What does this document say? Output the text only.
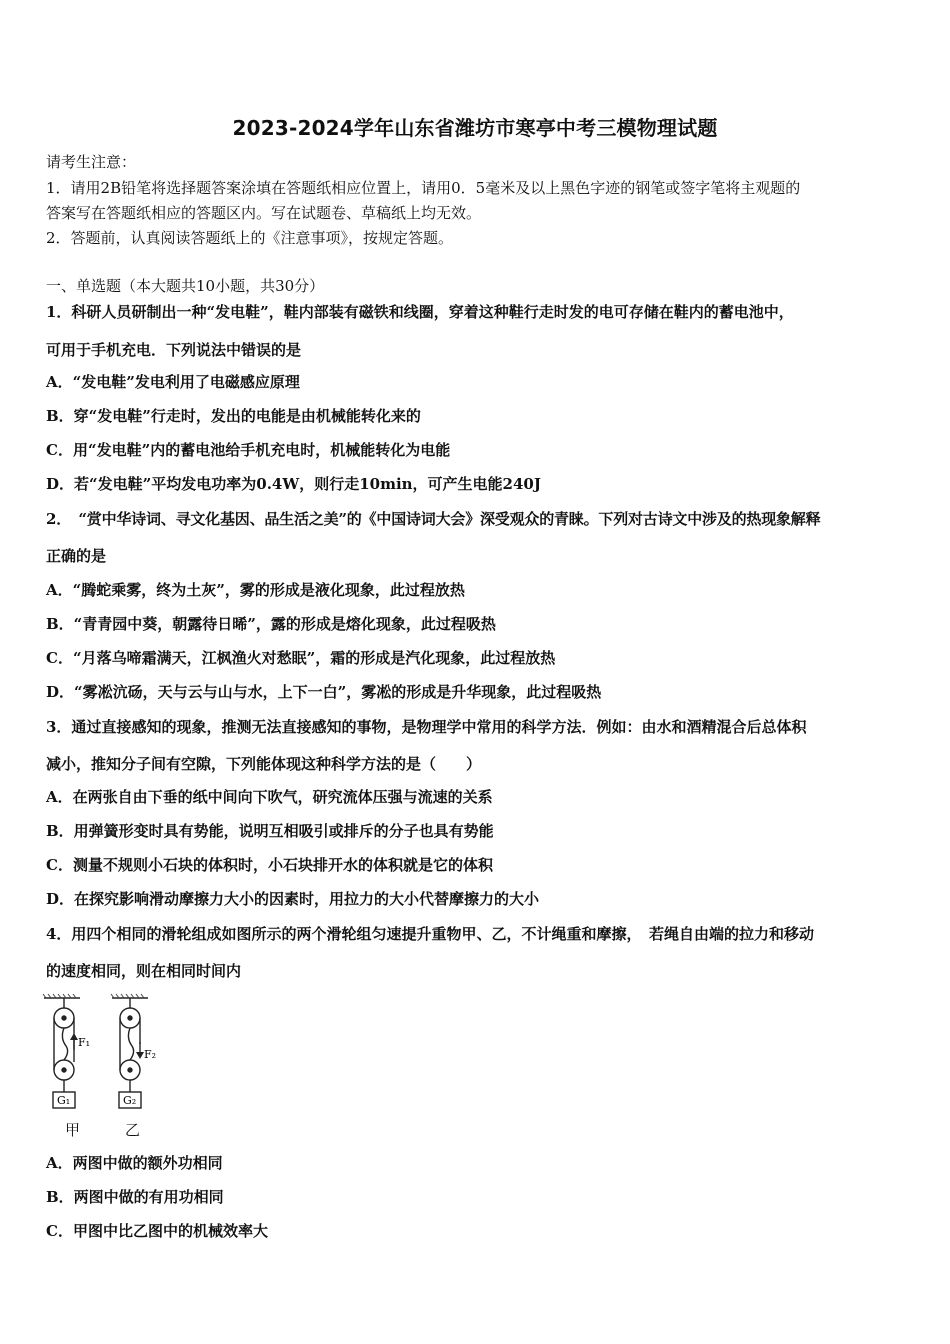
2023-2024学年山东省潍坊市寒亭中考三模物理试题
请考生注意：
1．请用2B铅笔将选择题答案涂填在答题纸相应位置上，请用0．5毫米及以上黑色字迹的钢笔或签字笔将主观题的
答案写在答题纸相应的答题区内。写在试题卷、草稿纸上均无效。
2．答题前，认真阅读答题纸上的《注意事项》，按规定答题。
一、单选题（本大题共10小题，共30分）
1．科研人员研制出一种“发电鞋”，鞋内部装有磁铁和线圈，穿着这种鞋行走时发的电可存储在鞋内的蓄电池中，
可用于手机充电．下列说法中错误的是
A．“发电鞋”发电利用了电磁感应原理
B．穿“发电鞋”行走时，发出的电能是由机械能转化来的
C．用“发电鞋”内的蓄电池给手机充电时，机械能转化为电能
D．若“发电鞋”平均发电功率为0.4W，则行走10min，可产生电能240J
2．　“赏中华诗词、寻文化基因、品生活之美”的《中国诗词大会》深受观众的青睐。下列对古诗文中涉及的热现象解释
正确的是
A．“腾蛇乘雾，终为土灰”，雾的形成是液化现象，此过程放热
B．“青青园中葵，朝露待日晞”，露的形成是熔化现象，此过程吸热
C．“月落乌啼霜满天，江枫渔火对愁眠”，霜的形成是汽化现象，此过程放热
D．“雾凇沆砀，天与云与山与水，上下一白”，雾凇的形成是升华现象，此过程吸热
3．通过直接感知的现象，推测无法直接感知的事物，是物理学中常用的科学方法．例如：由水和酒精混合后总体积
减小，推知分子间有空隙，下列能体现这种科学方法的是（　　）
A．在两张自由下垂的纸中间向下吹气，研究流体压强与流速的关系
B．用弹簧形变时具有势能，说明互相吸引或排斥的分子也具有势能
C．测量不规则小石块的体积时，小石块排开水的体积就是它的体积
D．在探究影响滑动摩擦力大小的因素时，用拉力的大小代替摩擦力的大小
4．用四个相同的滑轮组成如图所示的两个滑轮组匀速提升重物甲、乙，不计绳重和摩擦，　若绳自由端的拉力和移动
的速度相同，则在相同时间内
F₁
F₂
G₁	G₂
甲	乙
A．两图中做的额外功相同
B．两图中做的有用功相同
C．甲图中比乙图中的机械效率大
